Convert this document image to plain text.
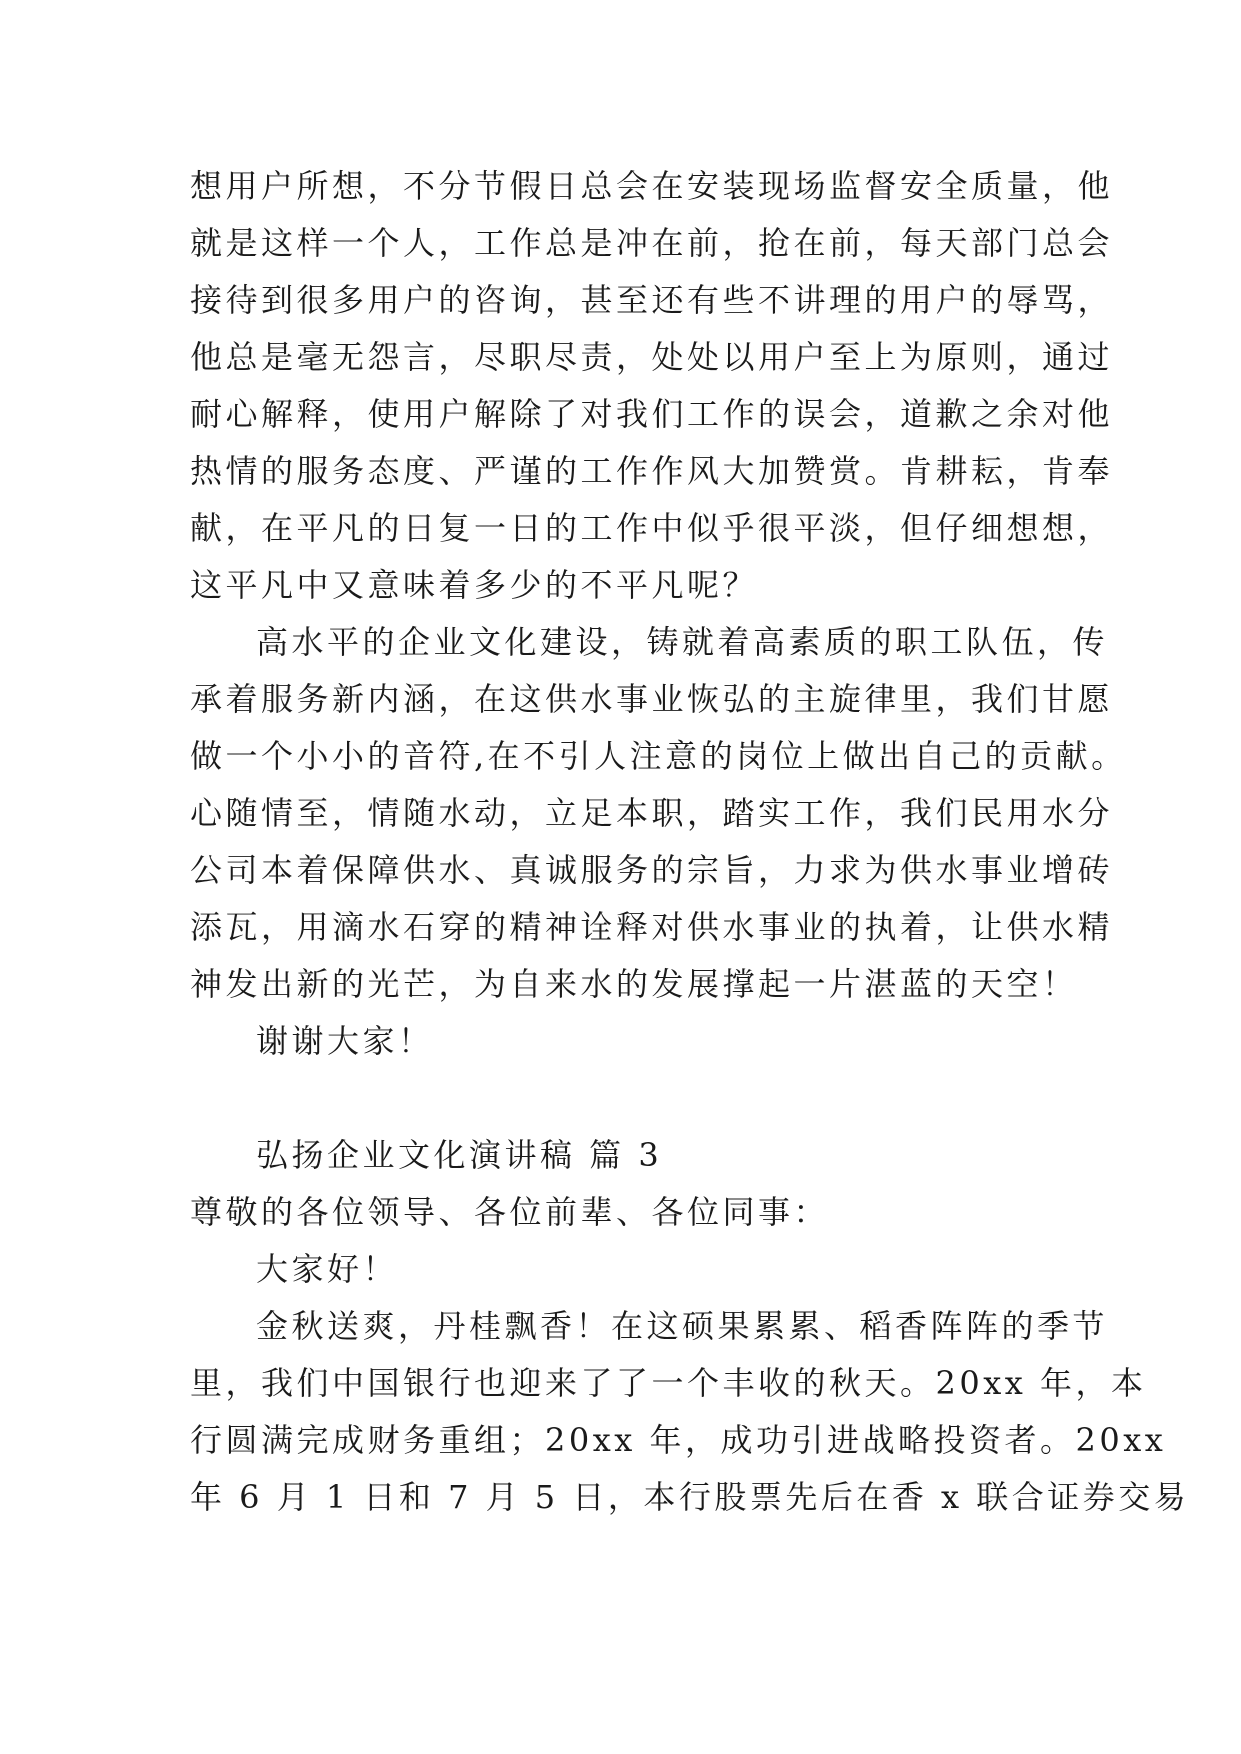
想用户所想，不分节假日总会在安装现场监督安全质量，他
就是这样一个人，工作总是冲在前，抢在前，每天部门总会
接待到很多用户的咨询，甚至还有些不讲理的用户的辱骂，
他总是毫无怨言，尽职尽责，处处以用户至上为原则，通过
耐心解释，使用户解除了对我们工作的误会，道歉之余对他
热情的服务态度、严谨的工作作风大加赞赏。肯耕耘，肯奉
献，在平凡的日复一日的工作中似乎很平淡，但仔细想想，
这平凡中又意味着多少的不平凡呢？
高水平的企业文化建设，铸就着高素质的职工队伍，传
承着服务新内涵，在这供水事业恢弘的主旋律里，我们甘愿
做一个小小的音符,在不引人注意的岗位上做出自己的贡献。
心随情至，情随水动，立足本职，踏实工作，我们民用水分
公司本着保障供水、真诚服务的宗旨，力求为供水事业增砖
添瓦，用滴水石穿的精神诠释对供水事业的执着，让供水精
神发出新的光芒，为自来水的发展撑起一片湛蓝的天空！
谢谢大家！
弘扬企业文化演讲稿 篇 3
尊敬的各位领导、各位前辈、各位同事：
大家好！
金秋送爽，丹桂飘香！在这硕果累累、稻香阵阵的季节
里，我们中国银行也迎来了了一个丰收的秋天。20xx 年，本
行圆满完成财务重组；20xx 年，成功引进战略投资者。20xx
年 6 月 1 日和 7 月 5 日，本行股票先后在香 x 联合证券交易
